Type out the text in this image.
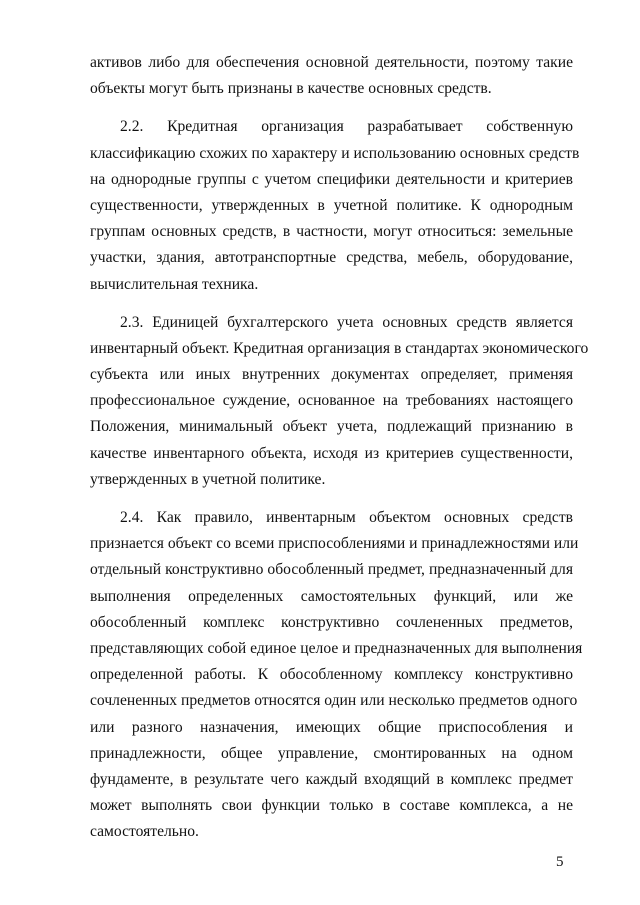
активов либо для обеспечения основной деятельности, поэтому такие
объекты могут быть признаны в качестве основных средств.
2.2. Кредитная организация разрабатывает собственную
классификацию схожих по характеру и использованию основных средств
на однородные группы с учетом специфики деятельности и критериев
существенности, утвержденных в учетной политике. К однородным
группам основных средств, в частности, могут относиться: земельные
участки, здания, автотранспортные средства, мебель, оборудование,
вычислительная техника.
2.3. Единицей бухгалтерского учета основных средств является
инвентарный объект. Кредитная организация в стандартах экономического
субъекта или иных внутренних документах определяет, применяя
профессиональное суждение, основанное на требованиях настоящего
Положения, минимальный объект учета, подлежащий признанию в
качестве инвентарного объекта, исходя из критериев существенности,
утвержденных в учетной политике.
2.4. Как правило, инвентарным объектом основных средств
признается объект со всеми приспособлениями и принадлежностями или
отдельный конструктивно обособленный предмет, предназначенный для
выполнения определенных самостоятельных функций, или же
обособленный комплекс конструктивно сочлененных предметов,
представляющих собой единое целое и предназначенных для выполнения
определенной работы. К обособленному комплексу конструктивно
сочлененных предметов относятся один или несколько предметов одного
или разного назначения, имеющих общие приспособления и
принадлежности, общее управление, смонтированных на одном
фундаменте, в результате чего каждый входящий в комплекс предмет
может выполнять свои функции только в составе комплекса, а не
самостоятельно.
5
